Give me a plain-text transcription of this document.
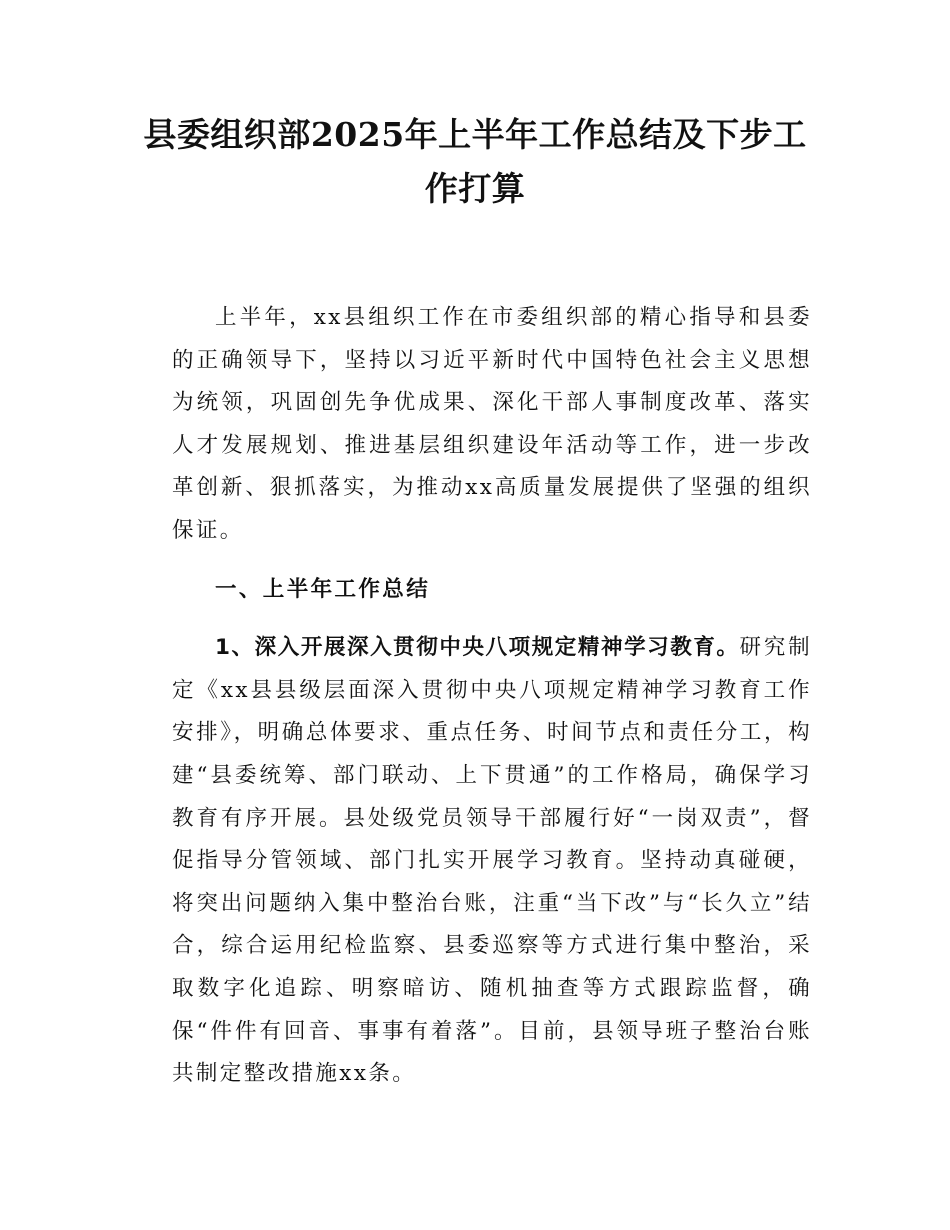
县委组织部2025年上半年工作总结及下步工作打算

上半年，xx县组织工作在市委组织部的精心指导和县委的正确领导下，坚持以习近平新时代中国特色社会主义思想为统领，巩固创先争优成果、深化干部人事制度改革、落实人才发展规划、推进基层组织建设年活动等工作，进一步改革创新、狠抓落实，为推动xx高质量发展提供了坚强的组织保证。

一、上半年工作总结

1、深入开展深入贯彻中央八项规定精神学习教育。研究制定《xx县县级层面深入贯彻中央八项规定精神学习教育工作安排》，明确总体要求、重点任务、时间节点和责任分工，构建“县委统筹、部门联动、上下贯通”的工作格局，确保学习教育有序开展。县处级党员领导干部履行好“一岗双责”，督促指导分管领域、部门扎实开展学习教育。坚持动真碰硬，将突出问题纳入集中整治台账，注重“当下改”与“长久立”结合，综合运用纪检监察、县委巡察等方式进行集中整治，采取数字化追踪、明察暗访、随机抽查等方式跟踪监督，确保“件件有回音、事事有着落”。目前，县领导班子整治台账共制定整改措施xx条。
